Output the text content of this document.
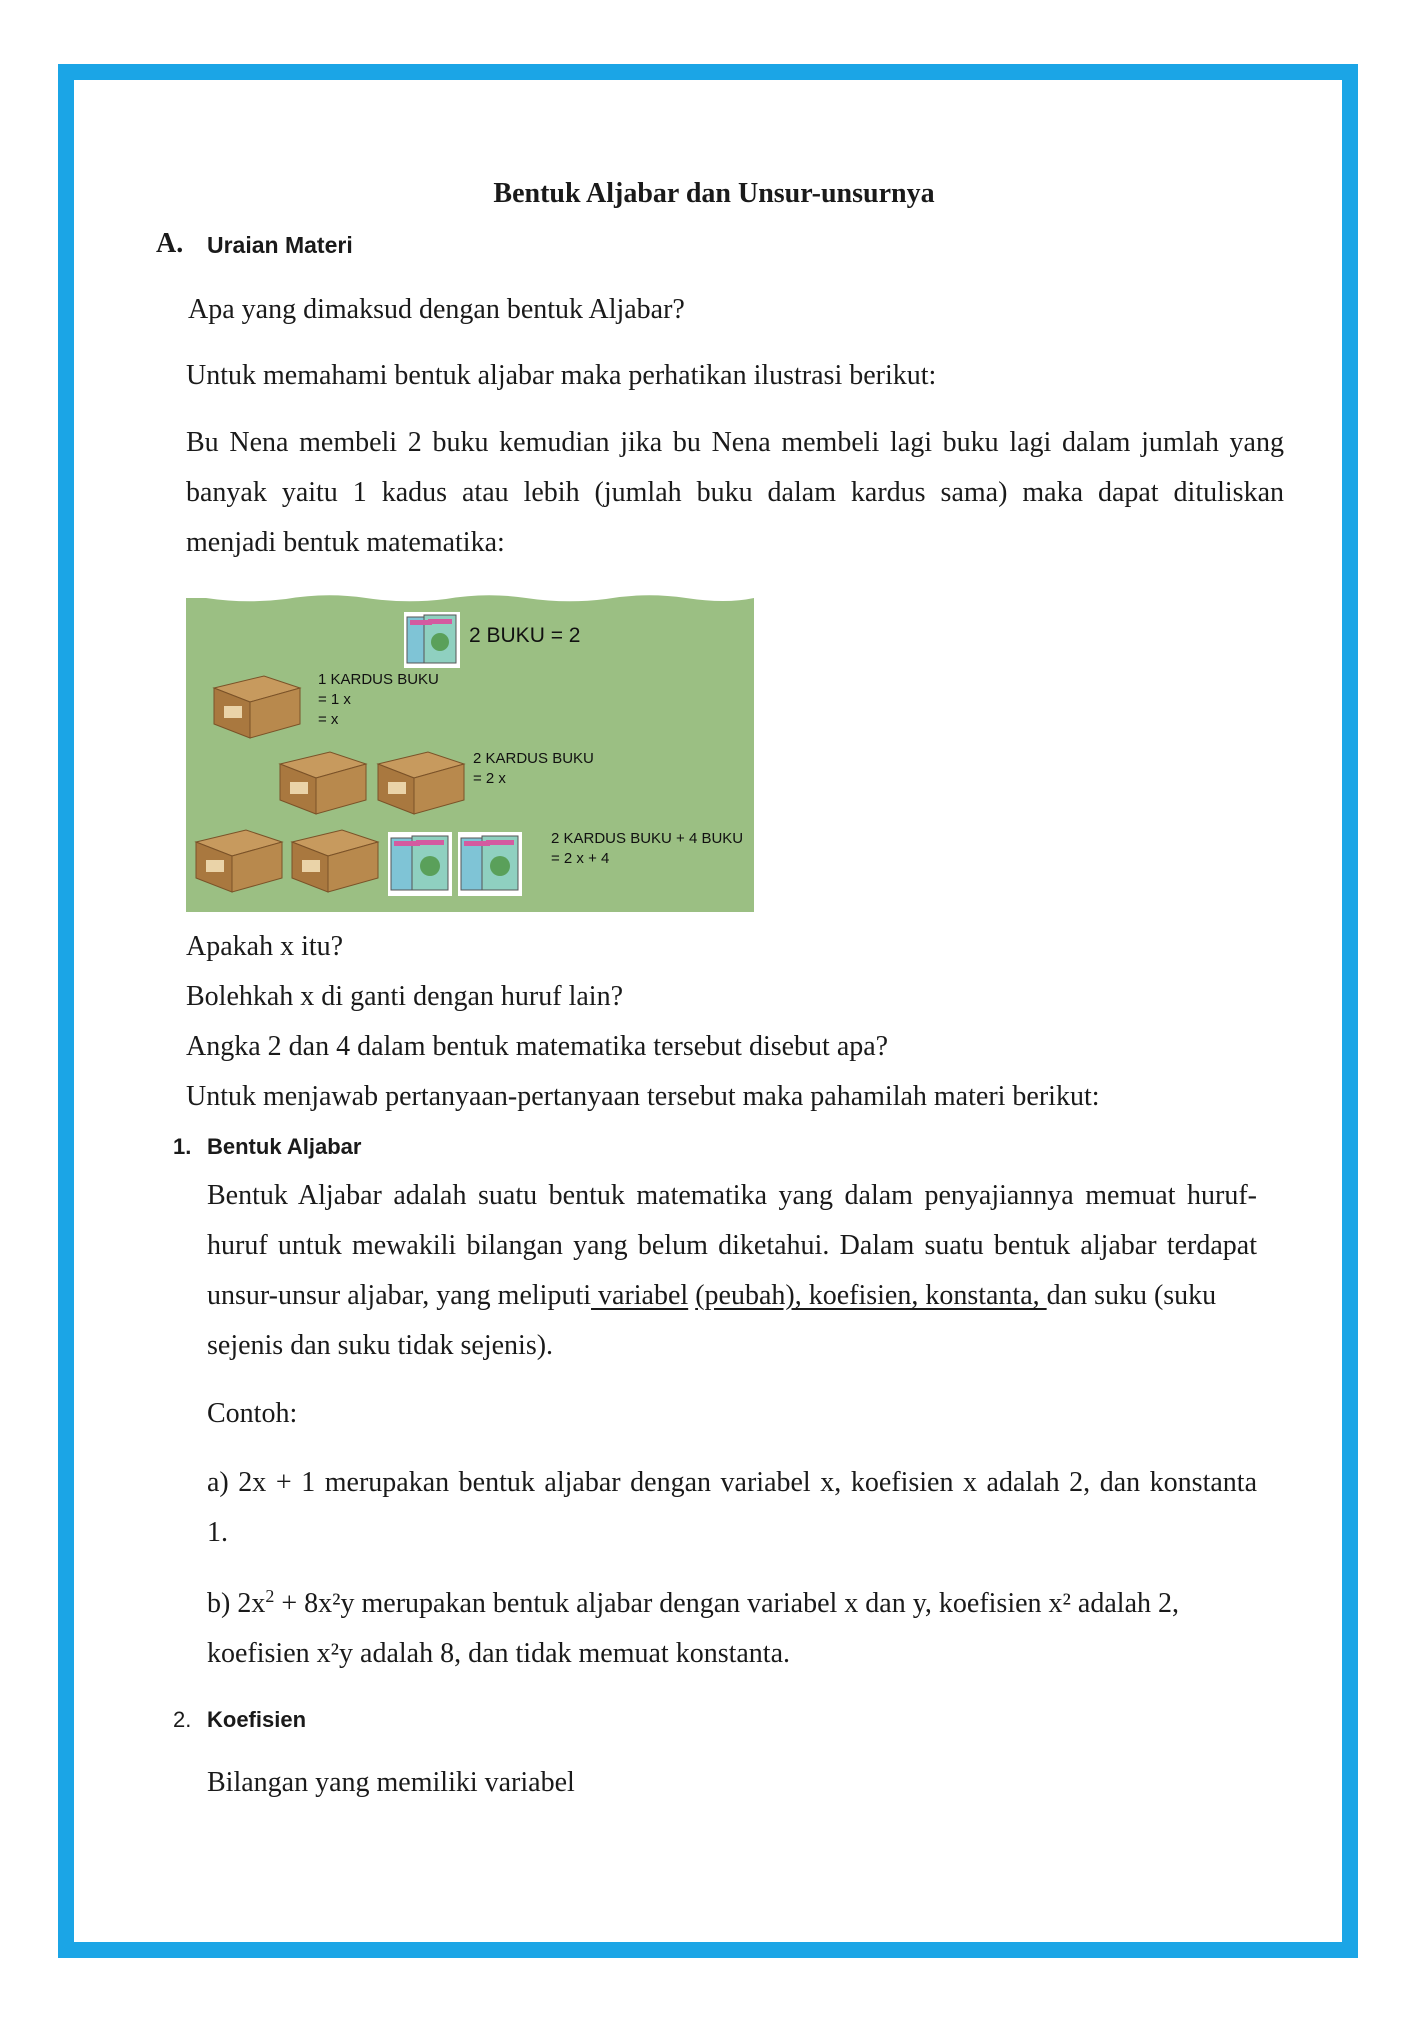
Bentuk Aljabar dan Unsur-unsurnya
A. Uraian Materi
Apa yang dimaksud dengan bentuk Aljabar?
Untuk memahami bentuk aljabar maka perhatikan ilustrasi berikut:
Bu Nena membeli 2 buku kemudian jika bu Nena membeli lagi buku lagi dalam jumlah yang
banyak yaitu 1 kadus atau lebih (jumlah buku dalam kardus sama) maka dapat dituliskan
menjadi bentuk matematika:
2 BUKU = 2
1 KARDUS BUKU
= 1 x
= x
2 KARDUS BUKU
= 2 x
2 KARDUS BUKU + 4 BUKU
= 2 x + 4
Apakah x itu?
Bolehkah x di ganti dengan huruf lain?
Angka 2 dan 4 dalam bentuk matematika tersebut disebut apa?
Untuk menjawab pertanyaan-pertanyaan tersebut maka pahamilah materi berikut:
1. Bentuk Aljabar
Bentuk Aljabar adalah suatu bentuk matematika yang dalam penyajiannya memuat huruf-
huruf untuk mewakili bilangan yang belum diketahui. Dalam suatu bentuk aljabar terdapat
unsur-unsur aljabar, yang meliputi variabel (peubah), koefisien, konstanta, dan suku (suku
sejenis dan suku tidak sejenis).
Contoh:
a) 2x + 1 merupakan bentuk aljabar dengan variabel x, koefisien x adalah 2, dan konstanta
1.
b) $2x^2 + 8x^2y$ merupakan bentuk aljabar dengan variabel x dan y, koefisien x² adalah 2,
koefisien x²y adalah 8, dan tidak memuat konstanta.
2. Koefisien
Bilangan yang memiliki variabel
